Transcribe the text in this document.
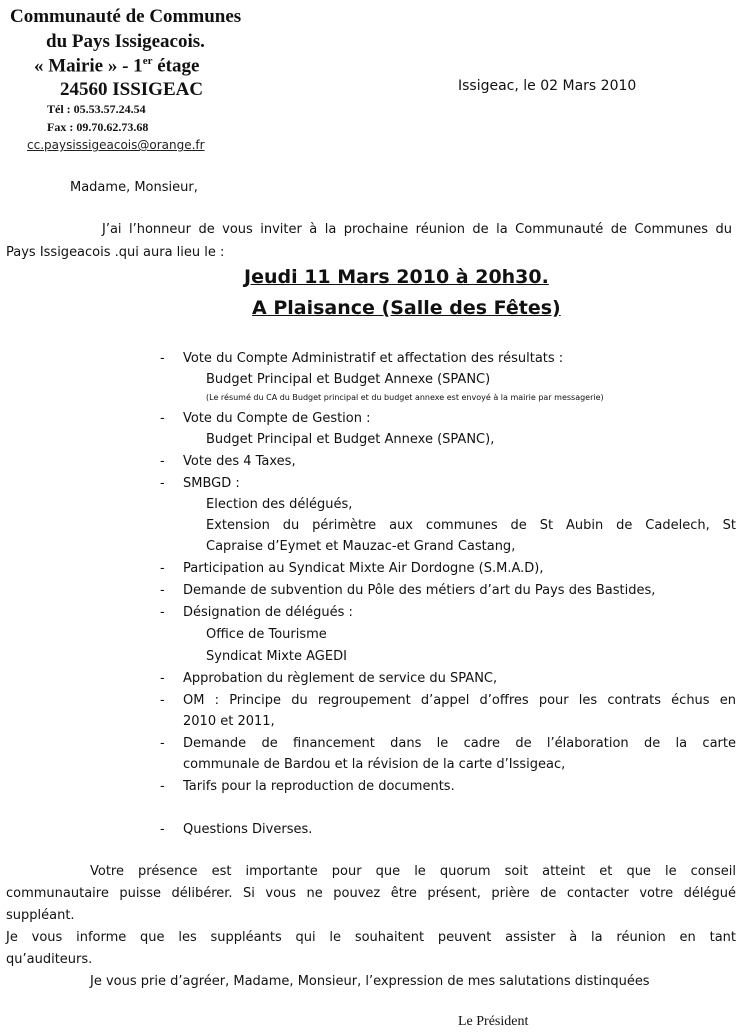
Communauté de Communes
du Pays Issigeacois.
« Mairie » - 1er étage
24560 ISSIGEAC
Tél : 05.53.57.24.54
Fax : 09.70.62.73.68
cc.paysissigeacois@orange.fr
Issigeac, le 02 Mars 2010
Madame, Monsieur,
J’ai l’honneur de vous inviter à la prochaine réunion de la Communauté de Communes du
Pays Issigeacois .qui aura lieu le :
Jeudi 11 Mars 2010 à 20h30.
A Plaisance (Salle des Fêtes)
- Vote du Compte Administratif et affectation des résultats :
Budget Principal et Budget Annexe (SPANC)
(Le résumé du CA du Budget principal et du budget annexe est envoyé à la mairie par messagerie)
- Vote du Compte de Gestion :
Budget Principal et Budget Annexe (SPANC),
- Vote des 4 Taxes,
- SMBGD :
Election des délégués,
Extension du périmètre aux communes de St Aubin de Cadelech, St
Capraise d’Eymet et Mauzac-et Grand Castang,
- Participation au Syndicat Mixte Air Dordogne (S.M.A.D),
- Demande de subvention du Pôle des métiers d’art du Pays des Bastides,
- Désignation de délégués :
Office de Tourisme
Syndicat Mixte AGEDI
- Approbation du règlement de service du SPANC,
- OM : Principe du regroupement d’appel d’offres pour les contrats échus en
2010 et 2011,
- Demande de financement dans le cadre de l’élaboration de la carte
communale de Bardou et la révision de la carte d’Issigeac,
- Tarifs pour la reproduction de documents.
- Questions Diverses.
Votre présence est importante pour que le quorum soit atteint et que le conseil
communautaire puisse délibérer. Si vous ne pouvez être présent, prière de contacter votre délégué
suppléant.
Je vous informe que les suppléants qui le souhaitent peuvent assister à la réunion en tant
qu’auditeurs.
Je vous prie d’agréer, Madame, Monsieur, l’expression de mes salutations distinquées
Le Président
